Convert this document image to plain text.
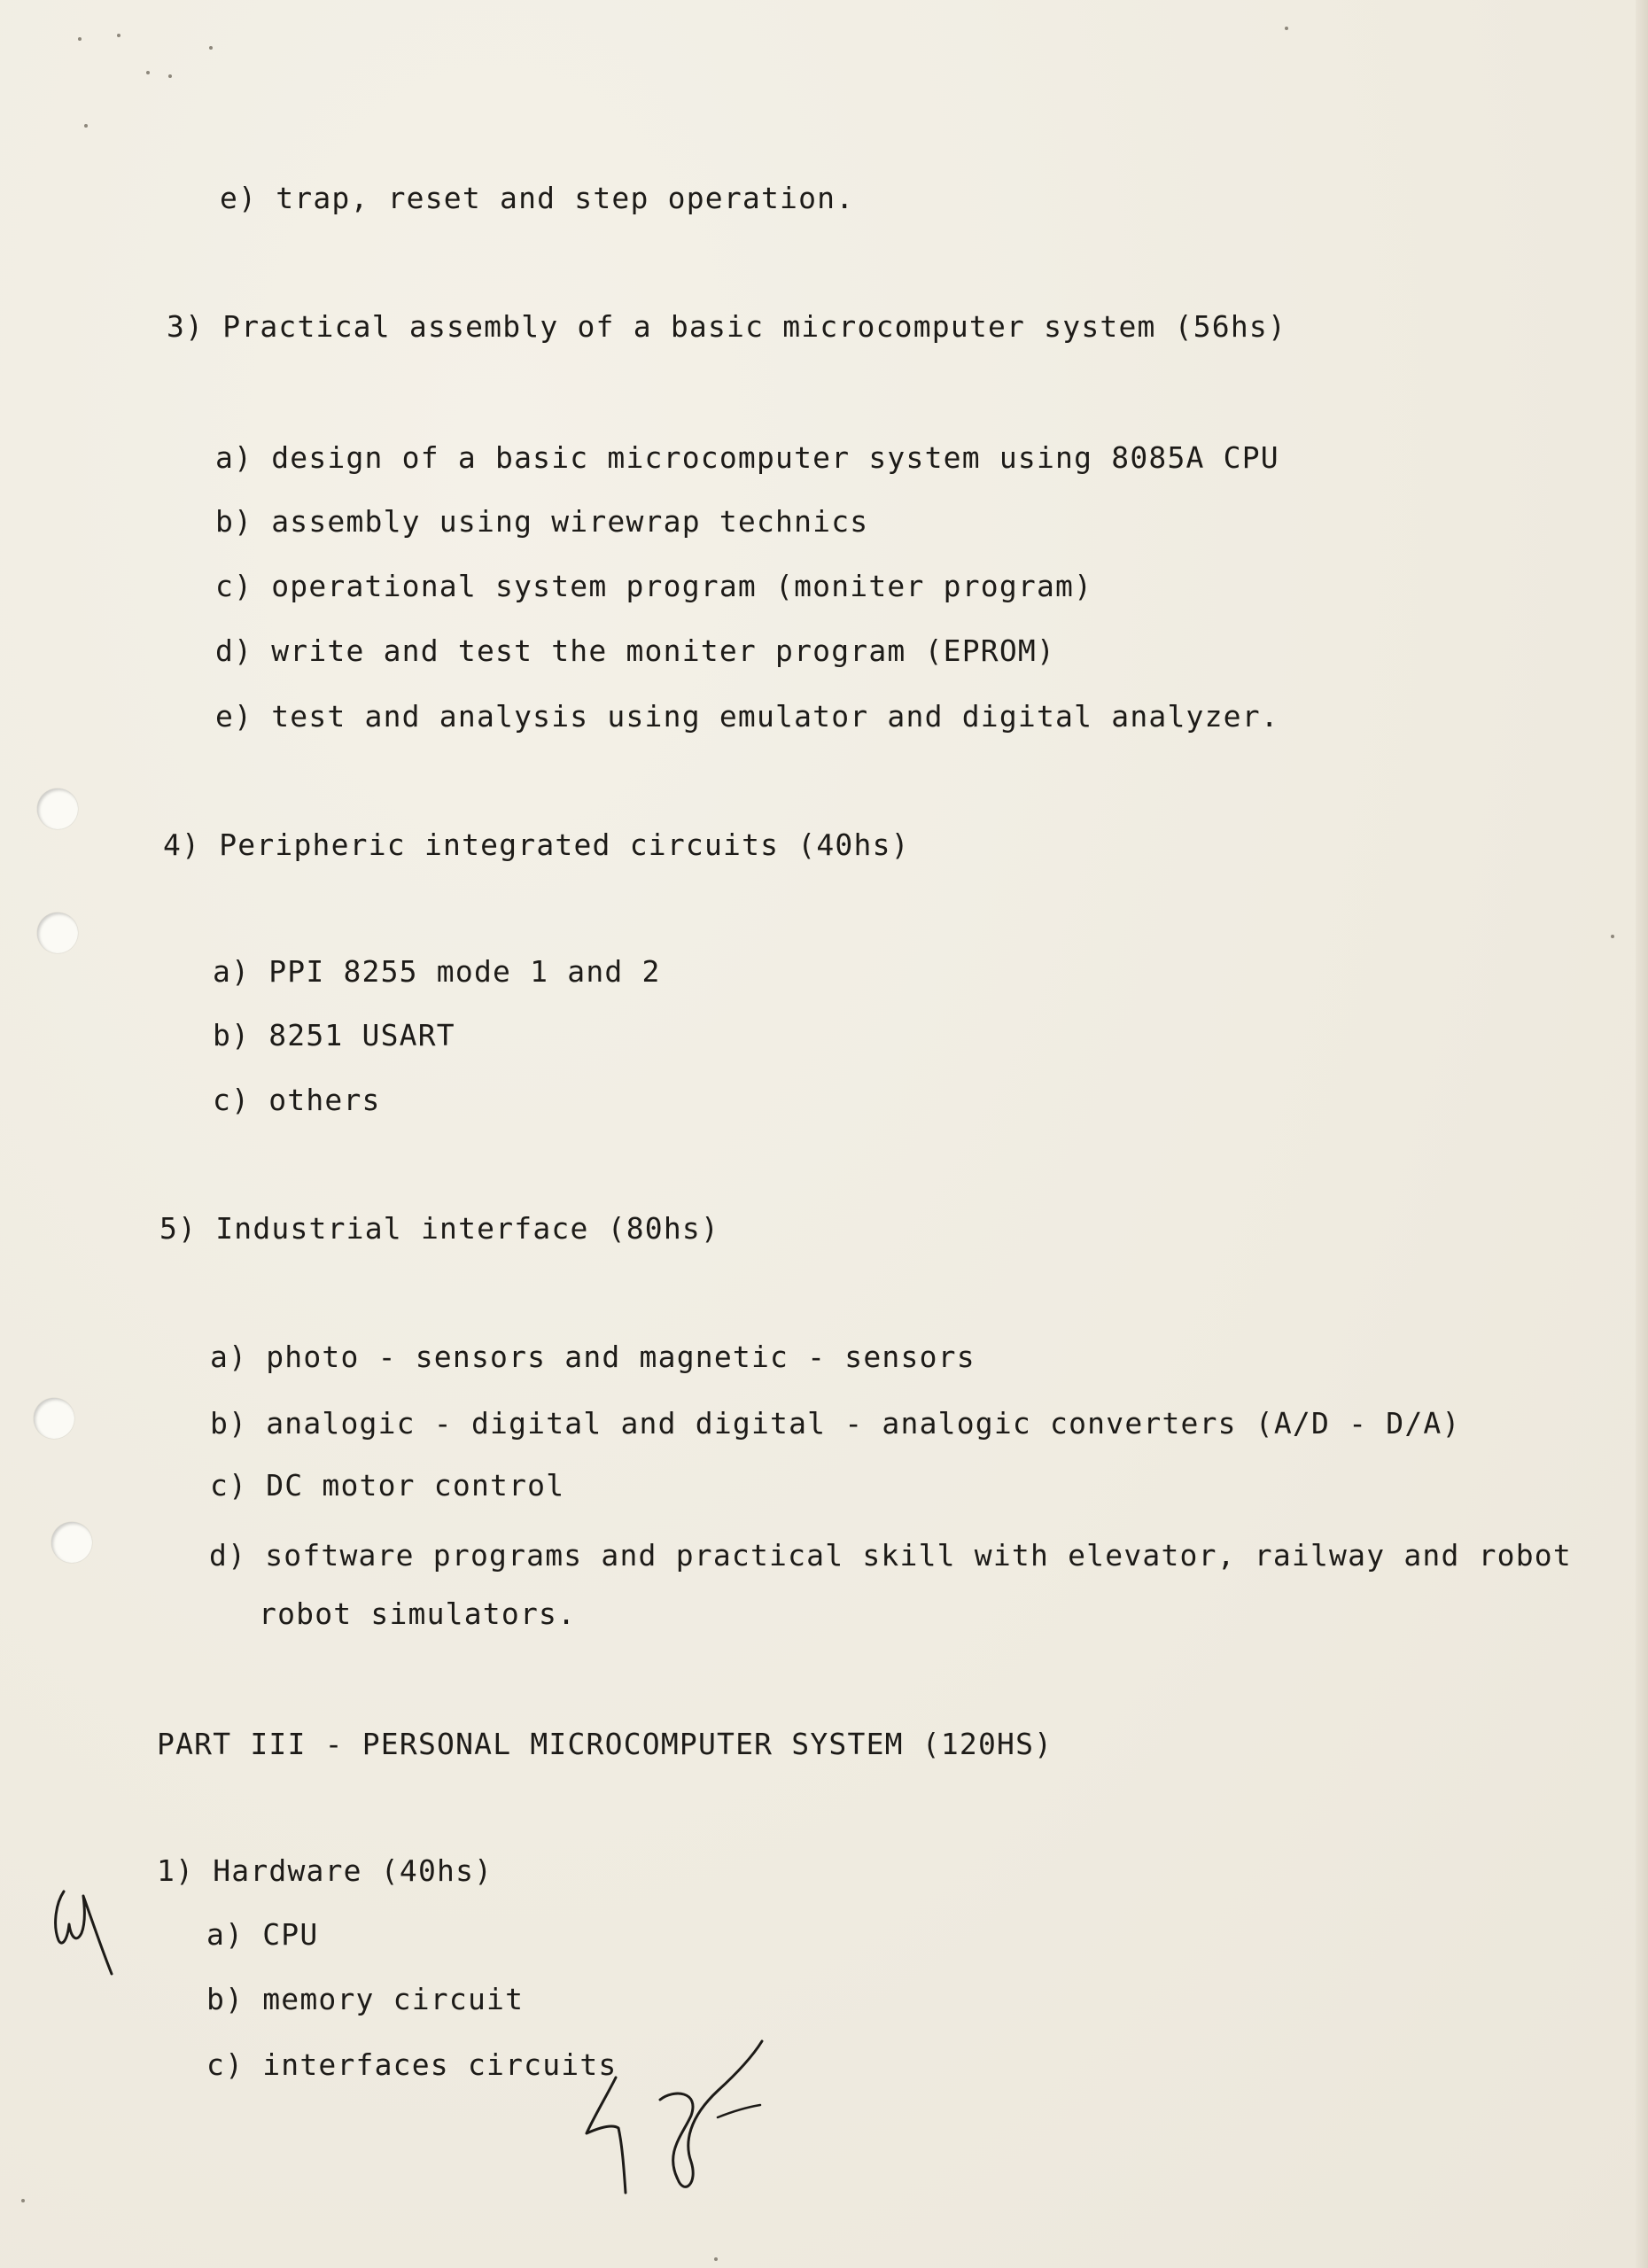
e) trap, reset and step operation.
3) Practical assembly of a basic microcomputer system (56hs)
a) design of a basic microcomputer system using 8085A CPU
b) assembly using wirewrap technics
c) operational system program (moniter program)
d) write and test the moniter program (EPROM)
e) test and analysis using emulator and digital analyzer.
4) Peripheric integrated circuits (40hs)
a) PPI 8255 mode 1 and 2
b) 8251 USART
c) others
5) Industrial interface (80hs)
a) photo - sensors and magnetic - sensors
b) analogic - digital and digital - analogic converters (A/D - D/A)
c) DC motor control
d) software programs and practical skill with elevator, railway and robot
robot simulators.
PART III - PERSONAL MICROCOMPUTER SYSTEM (120HS)
1) Hardware (40hs)
a) CPU
b) memory circuit
c) interfaces circuits
